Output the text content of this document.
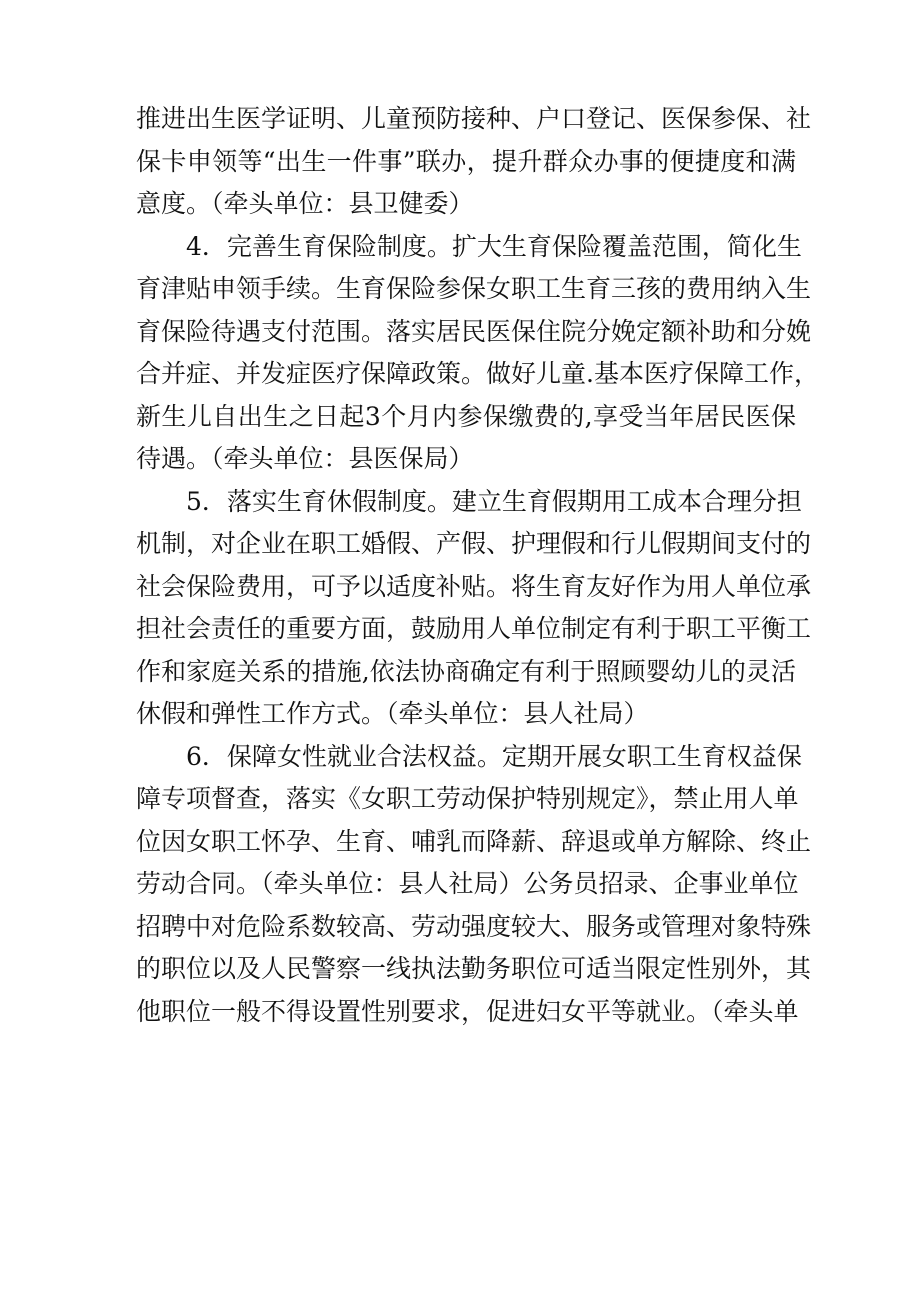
推进出生医学证明、儿童预防接种、户口登记、医保参保、社
保卡申领等“出生一件事”联办，提升群众办事的便捷度和满
意度。（牵头单位：县卫健委）
4．完善生育保险制度。扩大生育保险覆盖范围，简化生
育津贴申领手续。生育保险参保女职工生育三孩的费用纳入生
育保险待遇支付范围。落实居民医保住院分娩定额补助和分娩
合并症、并发症医疗保障政策。做好儿童.基本医疗保障工作，
新生儿自出生之日起3个月内参保缴费的,享受当年居民医保
待遇。（牵头单位：县医保局）
5．落实生育休假制度。建立生育假期用工成本合理分担
机制，对企业在职工婚假、产假、护理假和行儿假期间支付的
社会保险费用，可予以适度补贴。将生育友好作为用人单位承
担社会责任的重要方面，鼓励用人单位制定有利于职工平衡工
作和家庭关系的措施,依法协商确定有利于照顾婴幼儿的灵活
休假和弹性工作方式。（牵头单位：县人社局）
6．保障女性就业合法权益。定期开展女职工生育权益保
障专项督查，落实《女职工劳动保护特别规定》，禁止用人单
位因女职工怀孕、生育、哺乳而降薪、辞退或单方解除、终止
劳动合同。（牵头单位：县人社局）公务员招录、企事业单位
招聘中对危险系数较高、劳动强度较大、服务或管理对象特殊
的职位以及人民警察一线执法勤务职位可适当限定性别外，其
他职位一般不得设置性别要求，促进妇女平等就业。（牵头单
